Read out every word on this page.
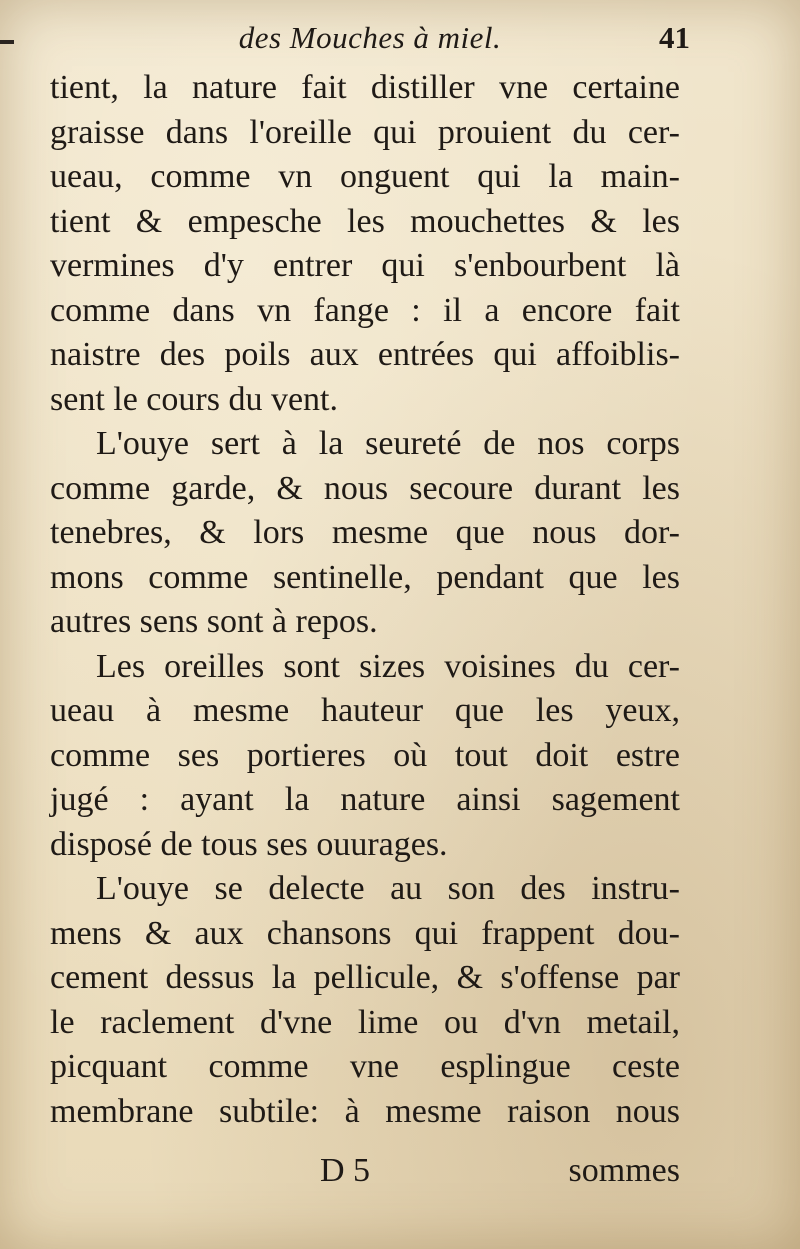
des Mouches à miel.	41
tient, la nature fait distiller vne certaine
graisse dans l'oreille qui prouient du cer-
ueau, comme vn onguent qui la main-
tient & empesche les mouchettes & les
vermines d'y entrer qui s'enbourbent là
comme dans vn fange : il a encore fait
naistre des poils aux entrées qui affoiblis-
sent le cours du vent.
L'ouye sert à la seureté de nos corps
comme garde, & nous secoure durant les
tenebres, & lors mesme que nous dor-
mons comme sentinelle, pendant que les
autres sens sont à repos.
Les oreilles sont sizes voisines du cer-
ueau à mesme hauteur que les yeux,
comme ses portieres où tout doit estre
jugé : ayant la nature ainsi sagement
disposé de tous ses ouurages.
L'ouye se delecte au son des instru-
mens & aux chansons qui frappent dou-
cement dessus la pellicule, & s'offense par
le raclement d'vne lime ou d'vn metail,
picquant comme vne esplingue ceste
membrane subtile: à mesme raison nous
D 5	sommes
